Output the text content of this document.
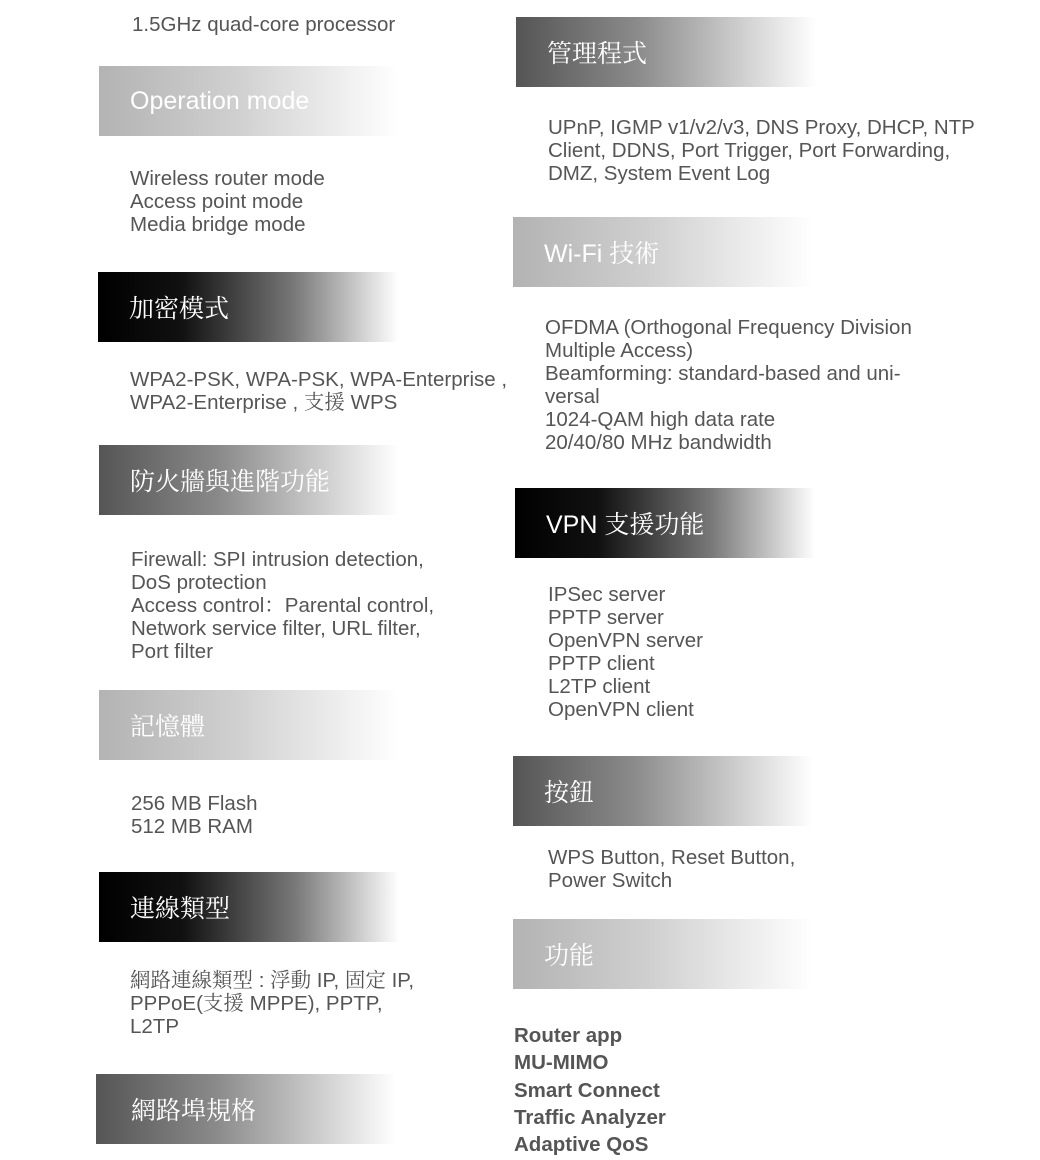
1.5GHz quad-core processor
Operation mode
Wireless router mode
Access point mode
Media bridge mode
加密模式
WPA2-PSK, WPA-PSK, WPA-Enterprise ,
WPA2-Enterprise , 支援 WPS
防火牆與進階功能
Firewall: SPI intrusion detection,
DoS protection
Access control：Parental control,
Network service filter, URL filter,
Port filter
記憶體
256 MB Flash
512 MB RAM
連線類型
網路連線類型 : 浮動 IP, 固定 IP,
PPPoE(支援 MPPE), PPTP,
L2TP
網路埠規格
管理程式
UPnP, IGMP v1/v2/v3, DNS Proxy, DHCP, NTP
Client, DDNS, Port Trigger, Port Forwarding,
DMZ, System Event Log
Wi-Fi 技術
OFDMA (Orthogonal Frequency Division
Multiple Access)
Beamforming: standard-based and uni-
versal
1024-QAM high data rate
20/40/80 MHz bandwidth
VPN 支援功能
IPSec server
PPTP server
OpenVPN server
PPTP client
L2TP client
OpenVPN client
按鈕
WPS Button, Reset Button,
Power Switch
功能
Router app
MU-MIMO
Smart Connect
Traffic Analyzer
Adaptive QoS
